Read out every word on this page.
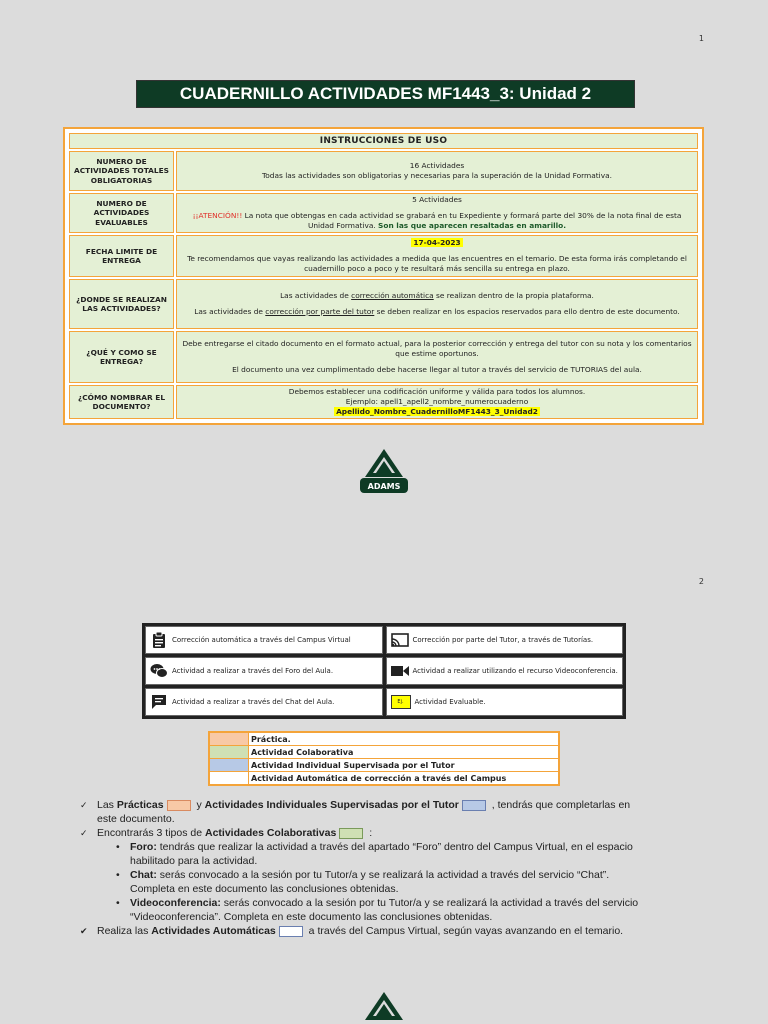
1
CUADERNILLO ACTIVIDADES MF1443_3: Unidad 2
INSTRUCCIONES DE USO	
NUMERO DE ACTIVIDADES TOTALES OBLIGATORIAS	16 Actividades
Todas las actividades son obligatorias y necesarias para la superación de la Unidad Formativa.

NUMERO DE ACTIVIDADES EVALUABLES	5 Actividades
¡¡ATENCIÓN!! La nota que obtengas en cada actividad se grabará en tu Expediente y formará parte del 30% de la nota final de esta Unidad Formativa. Son las que aparecen resaltadas en amarillo.

FECHA LIMITE DE ENTREGA	17-04-2023
Te recomendamos que vayas realizando las actividades a medida que las encuentres en el temario. De esta forma irás completando el cuadernillo poco a poco y te resultará más sencilla su entrega en plazo.

¿DONDE SE REALIZAN LAS ACTIVIDADES?	Las actividades de corrección automática se realizan dentro de la propia plataforma.
Las actividades de corrección por parte del tutor se deben realizar en los espacios reservados para ello dentro de este documento.

¿QUÉ Y COMO SE ENTREGA?	Debe entregarse el citado documento en el formato actual, para la posterior corrección y entrega del tutor con su nota y los comentarios que estime oportunos.
El documento una vez cumplimentado debe hacerse llegar al tutor a través del servicio de TUTORIAS del aula.

¿CÓMO NOMBRAR EL DOCUMENTO?	Debemos establecer una codificación uniforme y válida para todos los alumnos.
Ejemplo: apell1_apell2_nombre_numerocuaderno
Apellido_Nombre_CuadernilloMF1443_3_Unidad2
ADAMS
2
Corrección automática a través del Campus Virtual	Corrección por parte del Tutor, a través de Tutorías.
Actividad a realizar a través del Foro del Aula.	Actividad a realizar utilizando el recurso Videoconferencia.
Actividad a realizar a través del Chat del Aula.	Ej.	Actividad Evaluable.
	Práctica.
	Actividad Colaborativa
	Actividad Individual Supervisada por el Tutor
	Actividad Automática de corrección a través del Campus
✓ Las Prácticas	y Actividades Individuales Supervisadas por el Tutor	, tendrás que completarlas en
este documento.
✓ Encontrarás 3 tipos de Actividades Colaborativas	:
• Foro: tendrás que realizar la actividad a través del apartado “Foro” dentro del Campus Virtual, en el espacio
habilitado para la actividad.
• Chat: serás convocado a la sesión por tu Tutor/a y se realizará la actividad a través del servicio “Chat”.
Completa en este documento las conclusiones obtenidas.
• Videoconferencia: serás convocado a la sesión por tu Tutor/a y se realizará la actividad a través del servicio
“Videoconferencia”. Completa en este documento las conclusiones obtenidas.
✔ Realiza las Actividades Automáticas	a través del Campus Virtual, según vayas avanzando en el temario.
